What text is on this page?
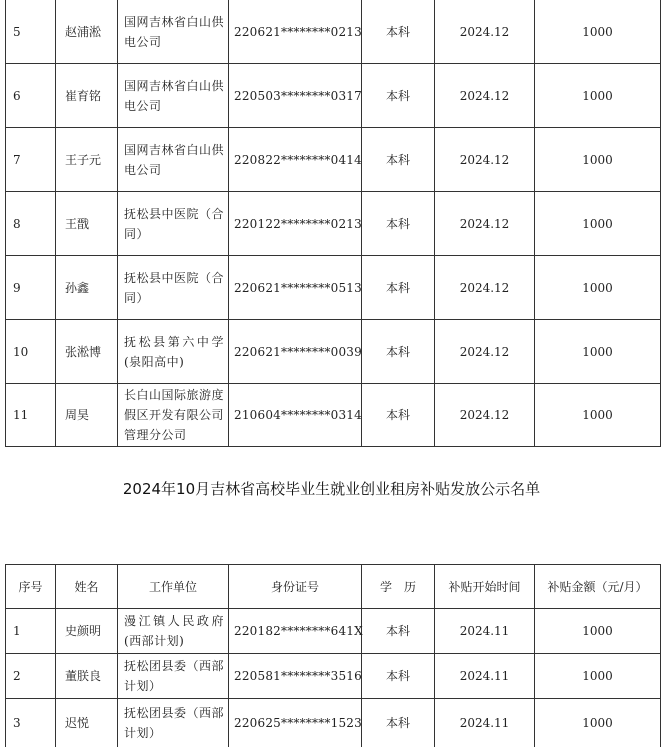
5	赵浦淞	国网吉林省白山供电公司	220621********0213	本科	2024.12	1000
6	崔育铭	国网吉林省白山供电公司	220503********0317	本科	2024.12	1000
7	王子元	国网吉林省白山供电公司	220822********0414	本科	2024.12	1000
8	王戬	抚松县中医院（合同）	220122********0213	本科	2024.12	1000
9	孙鑫	抚松县中医院（合同）	220621********0513	本科	2024.12	1000
10	张淞博	抚松县第六中学(泉阳高中)	220621********0039	本科	2024.12	1000
11	周昊	长白山国际旅游度假区开发有限公司管理分公司	210604********0314	本科	2024.12	1000
2024年10月吉林省高校毕业生就业创业租房补贴发放公示名单
序号	姓名	工作单位	身份证号	学　历	补贴开始时间	补贴金额（元/月）
1	史颜明	漫江镇人民政府(西部计划)	220182********641X	本科	2024.11	1000
2	董朕良	抚松团县委（西部计划）	220581********3516	本科	2024.11	1000
3	迟悦	抚松团县委（西部计划）	220625********1523	本科	2024.11	1000
